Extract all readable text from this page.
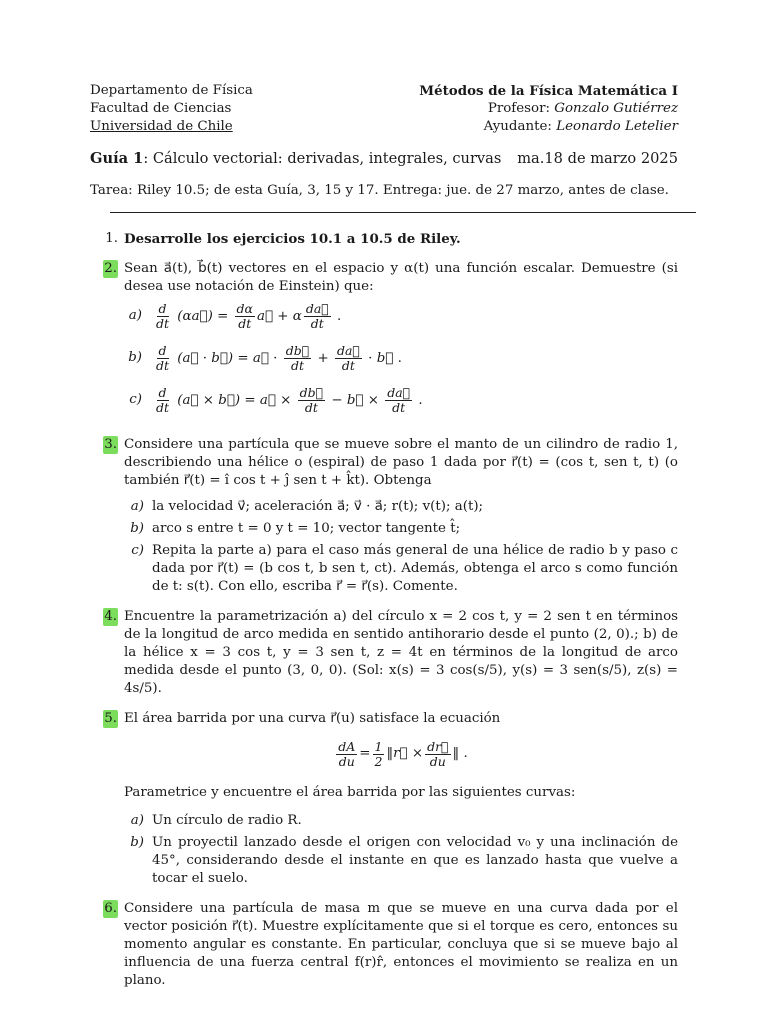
Departamento de Física
Facultad de Ciencias
Universidad de Chile
Métodos de la Física Matemática I
Profesor: Gonzalo Gutiérrez
Ayudante: Leonardo Letelier
Guía 1: Cálculo vectorial: derivadas, integrales, curvas ma.18 de marzo 2025
Tarea: Riley 10.5; de esta Guía, 3, 15 y 17. Entrega: jue. de 27 marzo, antes de clase.
1. Desarrolle los ejercicios 10.1 a 10.5 de Riley.
2. Sean a⃗(t), b⃗(t) vectores en el espacio y α(t) una función escalar. Demuestre (si desea use notación de Einstein) que:
$a) \frac{d}{dt}$ (αa⃗) = $\frac{d\alpha}{dt}$ a⃗ + α $\frac{da⃗}{dt}$ .
$b) \frac{d}{dt}$ (a⃗ · b⃗) = a⃗ · $\frac{db⃗}{dt} + \frac{da⃗}{dt}$ · b⃗ .
$c) \frac{d}{dt}$ (a⃗ × b⃗) = a⃗ × $\frac{db⃗}{dt}$ − b⃗ × $\frac{da⃗}{dt}$ .
3. Considere una partícula que se mueve sobre el manto de un cilindro de radio 1, describiendo una hélice o (espiral) de paso 1 dada por r⃗(t) = (cos t, sen t, t) (o también r⃗(t) = î cos t + ĵ sen t + k̂t). Obtenga
a) la velocidad v⃗; aceleración a⃗; v⃗ · a⃗; r(t); v(t); a(t);
b) arco s entre t = 0 y t = 10; vector tangente t̂;
c) Repita la parte a) para el caso más general de una hélice de radio b y paso c dada por r⃗(t) = (b cos t, b sen t, ct). Además, obtenga el arco s como función de t: s(t). Con ello, escriba r⃗ = r⃗(s). Comente.
4. Encuentre la parametrización a) del círculo x = 2 cos t, y = 2 sen t en términos de la longitud de arco medida en sentido antihorario desde el punto (2, 0).; b) de la hélice x = 3 cos t, y = 3 sen t, z = 4t en términos de la longitud de arco medida desde el punto (3, 0, 0). (Sol: x(s) = 3 cos(s/5), y(s) = 3 sen(s/5), z(s) = 4s/5).
5. El área barrida por una curva r⃗(u) satisface la ecuación
$\frac{dA}{du} = \frac{1}{2}$ ‖r⃗ × $\frac{dr⃗}{du}$ ‖ .
Parametrice y encuentre el área barrida por las siguientes curvas:
a) Un círculo de radio R.
b) Un proyectil lanzado desde el origen con velocidad v₀ y una inclinación de 45°, considerando desde el instante en que es lanzado hasta que vuelve a tocar el suelo.
6. Considere una partícula de masa m que se mueve en una curva dada por el vector posición r⃗(t). Muestre explícitamente que si el torque es cero, entonces su momento angular es constante. En particular, concluya que si se mueve bajo al influencia de una fuerza central f(r)r̂, entonces el movimiento se realiza en un plano.
